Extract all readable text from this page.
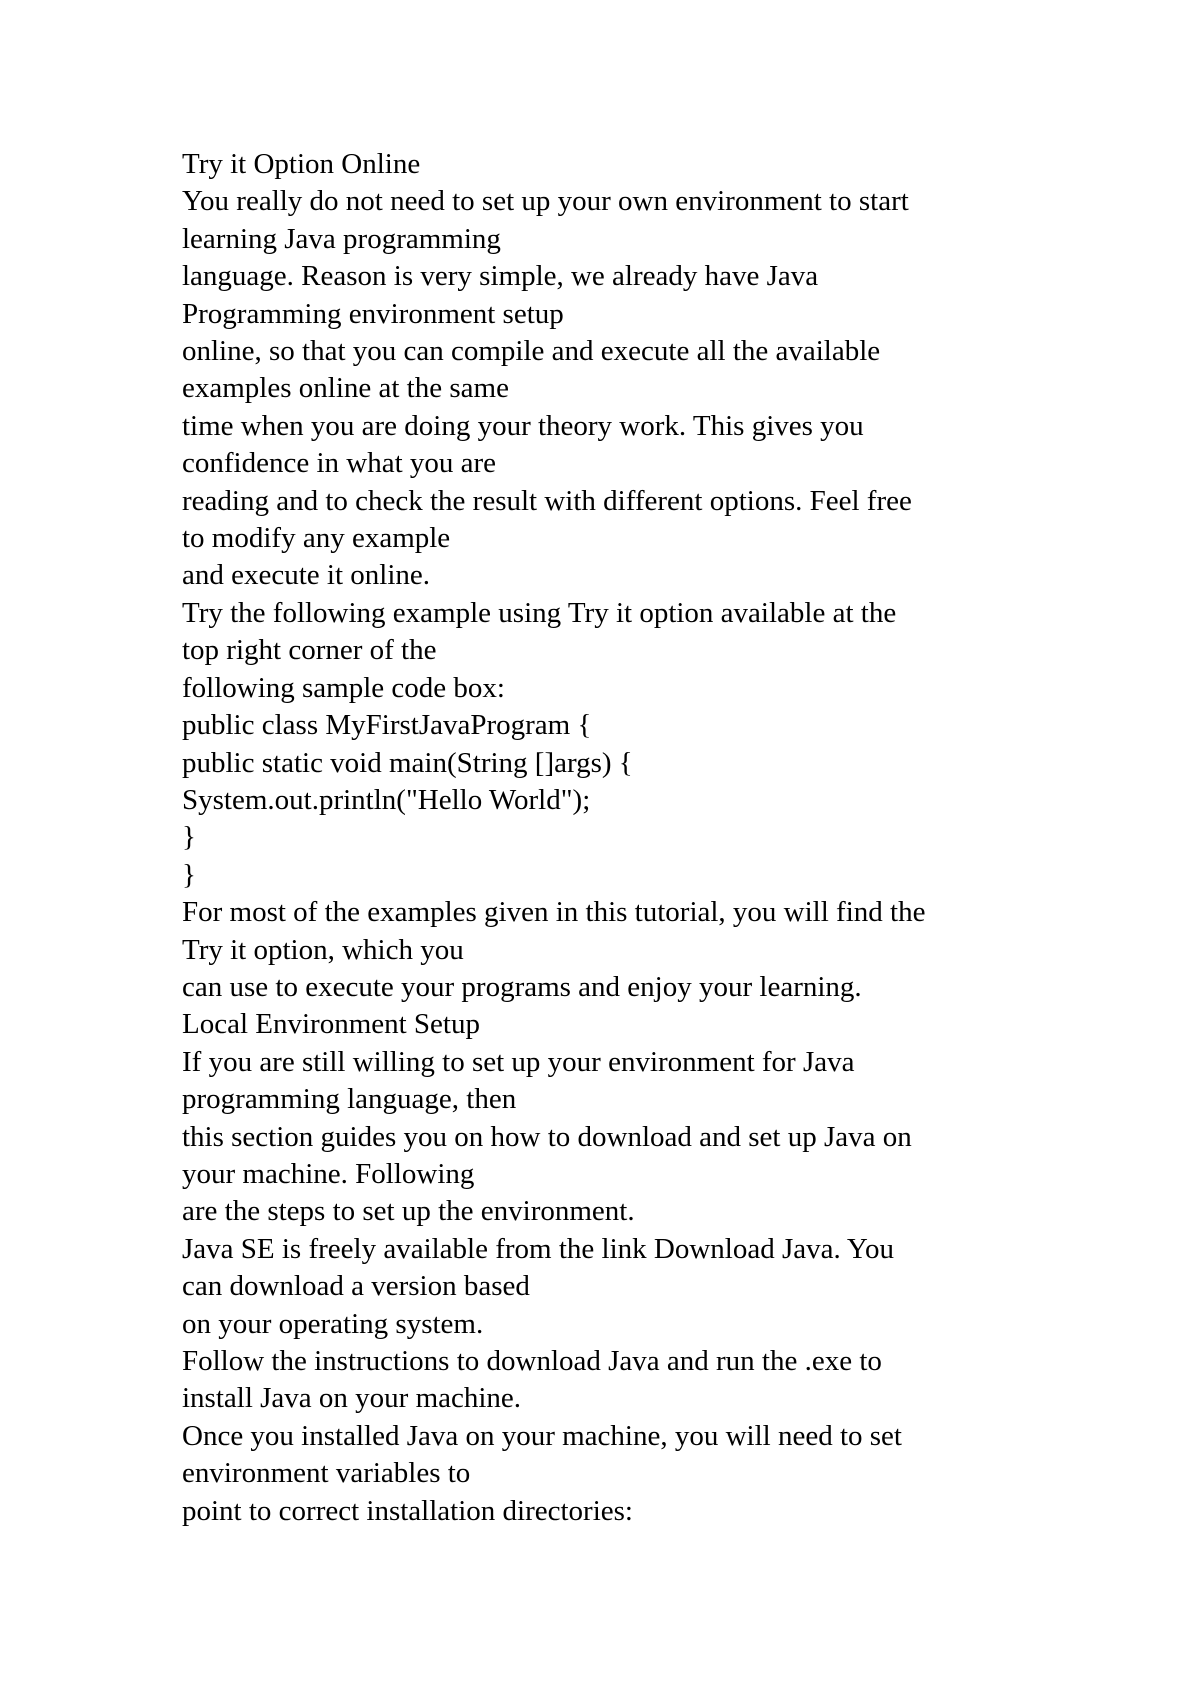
Try it Option Online
You really do not need to set up your own environment to start
learning Java programming
language. Reason is very simple, we already have Java
Programming environment setup
online, so that you can compile and execute all the available
examples online at the same
time when you are doing your theory work. This gives you
confidence in what you are
reading and to check the result with different options. Feel free
to modify any example
and execute it online.
Try the following example using Try it option available at the
top right corner of the
following sample code box:
public class MyFirstJavaProgram {
public static void main(String []args) {
System.out.println("Hello World");
}
}
For most of the examples given in this tutorial, you will find the
Try it option, which you
can use to execute your programs and enjoy your learning.
Local Environment Setup
If you are still willing to set up your environment for Java
programming language, then
this section guides you on how to download and set up Java on
your machine. Following
are the steps to set up the environment.
Java SE is freely available from the link Download Java. You
can download a version based
on your operating system.
Follow the instructions to download Java and run the .exe to
install Java on your machine.
Once you installed Java on your machine, you will need to set
environment variables to
point to correct installation directories:
